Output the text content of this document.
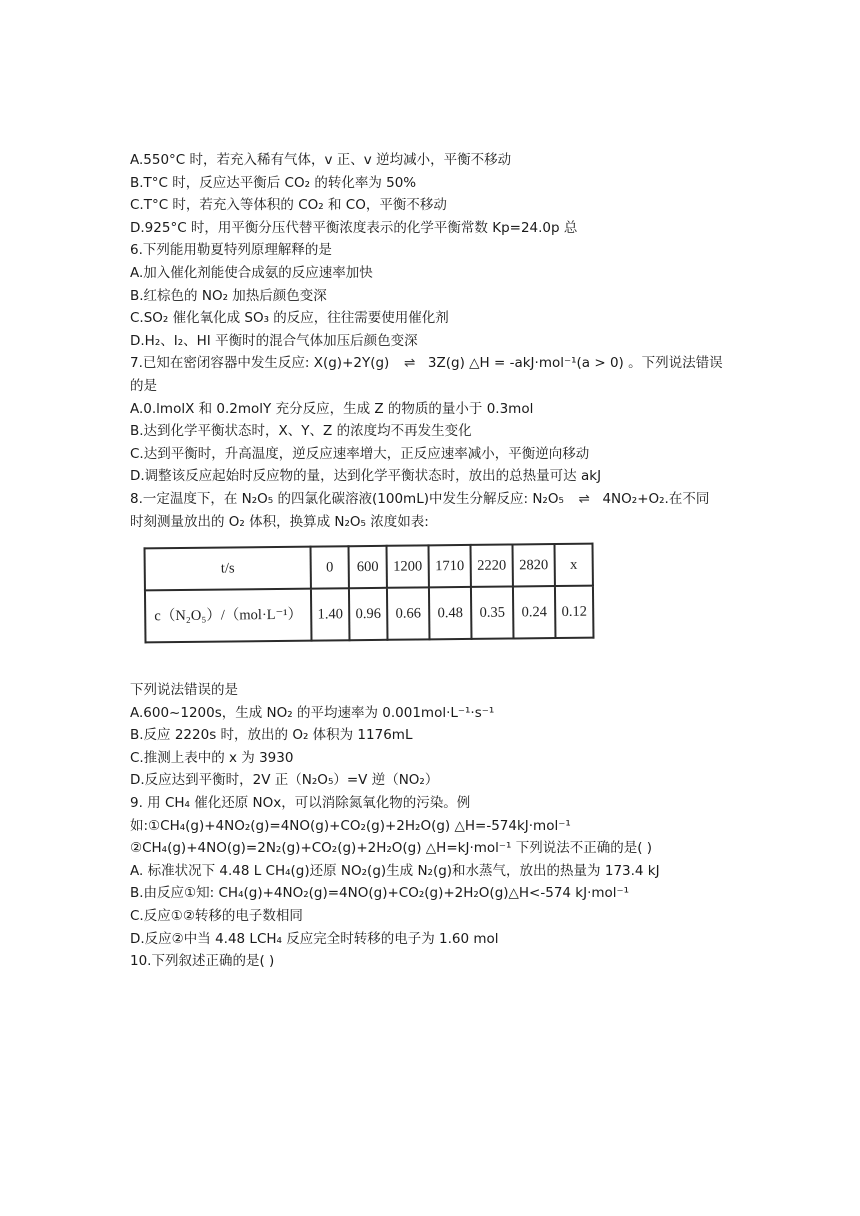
A.550°C 时，若充入稀有气体，v 正、v 逆均减小，平衡不移动
B.T°C 时，反应达平衡后 CO₂ 的转化率为 50%
C.T°C 时，若充入等体积的 CO₂ 和 CO，平衡不移动
D.925°C 时，用平衡分压代替平衡浓度表示的化学平衡常数 Kp=24.0p 总
6.下列能用勒夏特列原理解释的是
A.加入催化剂能使合成氨的反应速率加快
B.红棕色的 NO₂ 加热后颜色变深
C.SO₂ 催化氧化成 SO₃ 的反应，往往需要使用催化剂
D.H₂、I₂、HI 平衡时的混合气体加压后颜色变深
7.已知在密闭容器中发生反应: X(g)+2Y(g) ⇌ 3Z(g) △H = -akJ·mol⁻¹(a > 0) 。下列说法错误
的是
A.0.lmolX 和 0.2molY 充分反应，生成 Z 的物质的量小于 0.3mol
B.达到化学平衡状态时，X、Y、Z 的浓度均不再发生变化
C.达到平衡时，升高温度，逆反应速率增大，正反应速率减小，平衡逆向移动
D.调整该反应起始时反应物的量，达到化学平衡状态时，放出的总热量可达 akJ
8.一定温度下，在 N₂O₅ 的四氯化碳溶液(100mL)中发生分解反应: N₂O₅ ⇌ 4NO₂+O₂.在不同
时刻测量放出的 O₂ 体积，换算成 N₂O₅ 浓度如表:
t/s	0	600	1200	1710	2220	2820	x
c（N₂O₅）/（mol·L⁻¹）	1.40	0.96	0.66	0.48	0.35	0.24	0.12
下列说法错误的是
A.600~1200s，生成 NO₂ 的平均速率为 0.001mol·L⁻¹·s⁻¹
B.反应 2220s 时，放出的 O₂ 体积为 1176mL
C.推测上表中的 x 为 3930
D.反应达到平衡时，2V 正（N₂O₅）=V 逆（NO₂）
9. 用 CH₄ 催化还原 NOx，可以消除氮氧化物的污染。例
如:①CH₄(g)+4NO₂(g)=4NO(g)+CO₂(g)+2H₂O(g) △H=-574kJ·mol⁻¹
②CH₄(g)+4NO(g)=2N₂(g)+CO₂(g)+2H₂O(g) △H=kJ·mol⁻¹ 下列说法不正确的是( )
A. 标准状况下 4.48 L CH₄(g)还原 NO₂(g)生成 N₂(g)和水蒸气，放出的热量为 173.4 kJ
B.由反应①知: CH₄(g)+4NO₂(g)=4NO(g)+CO₂(g)+2H₂O(g)△H<-574 kJ·mol⁻¹
C.反应①②转移的电子数相同
D.反应②中当 4.48 LCH₄ 反应完全时转移的电子为 1.60 mol
10.下列叙述正确的是( )
